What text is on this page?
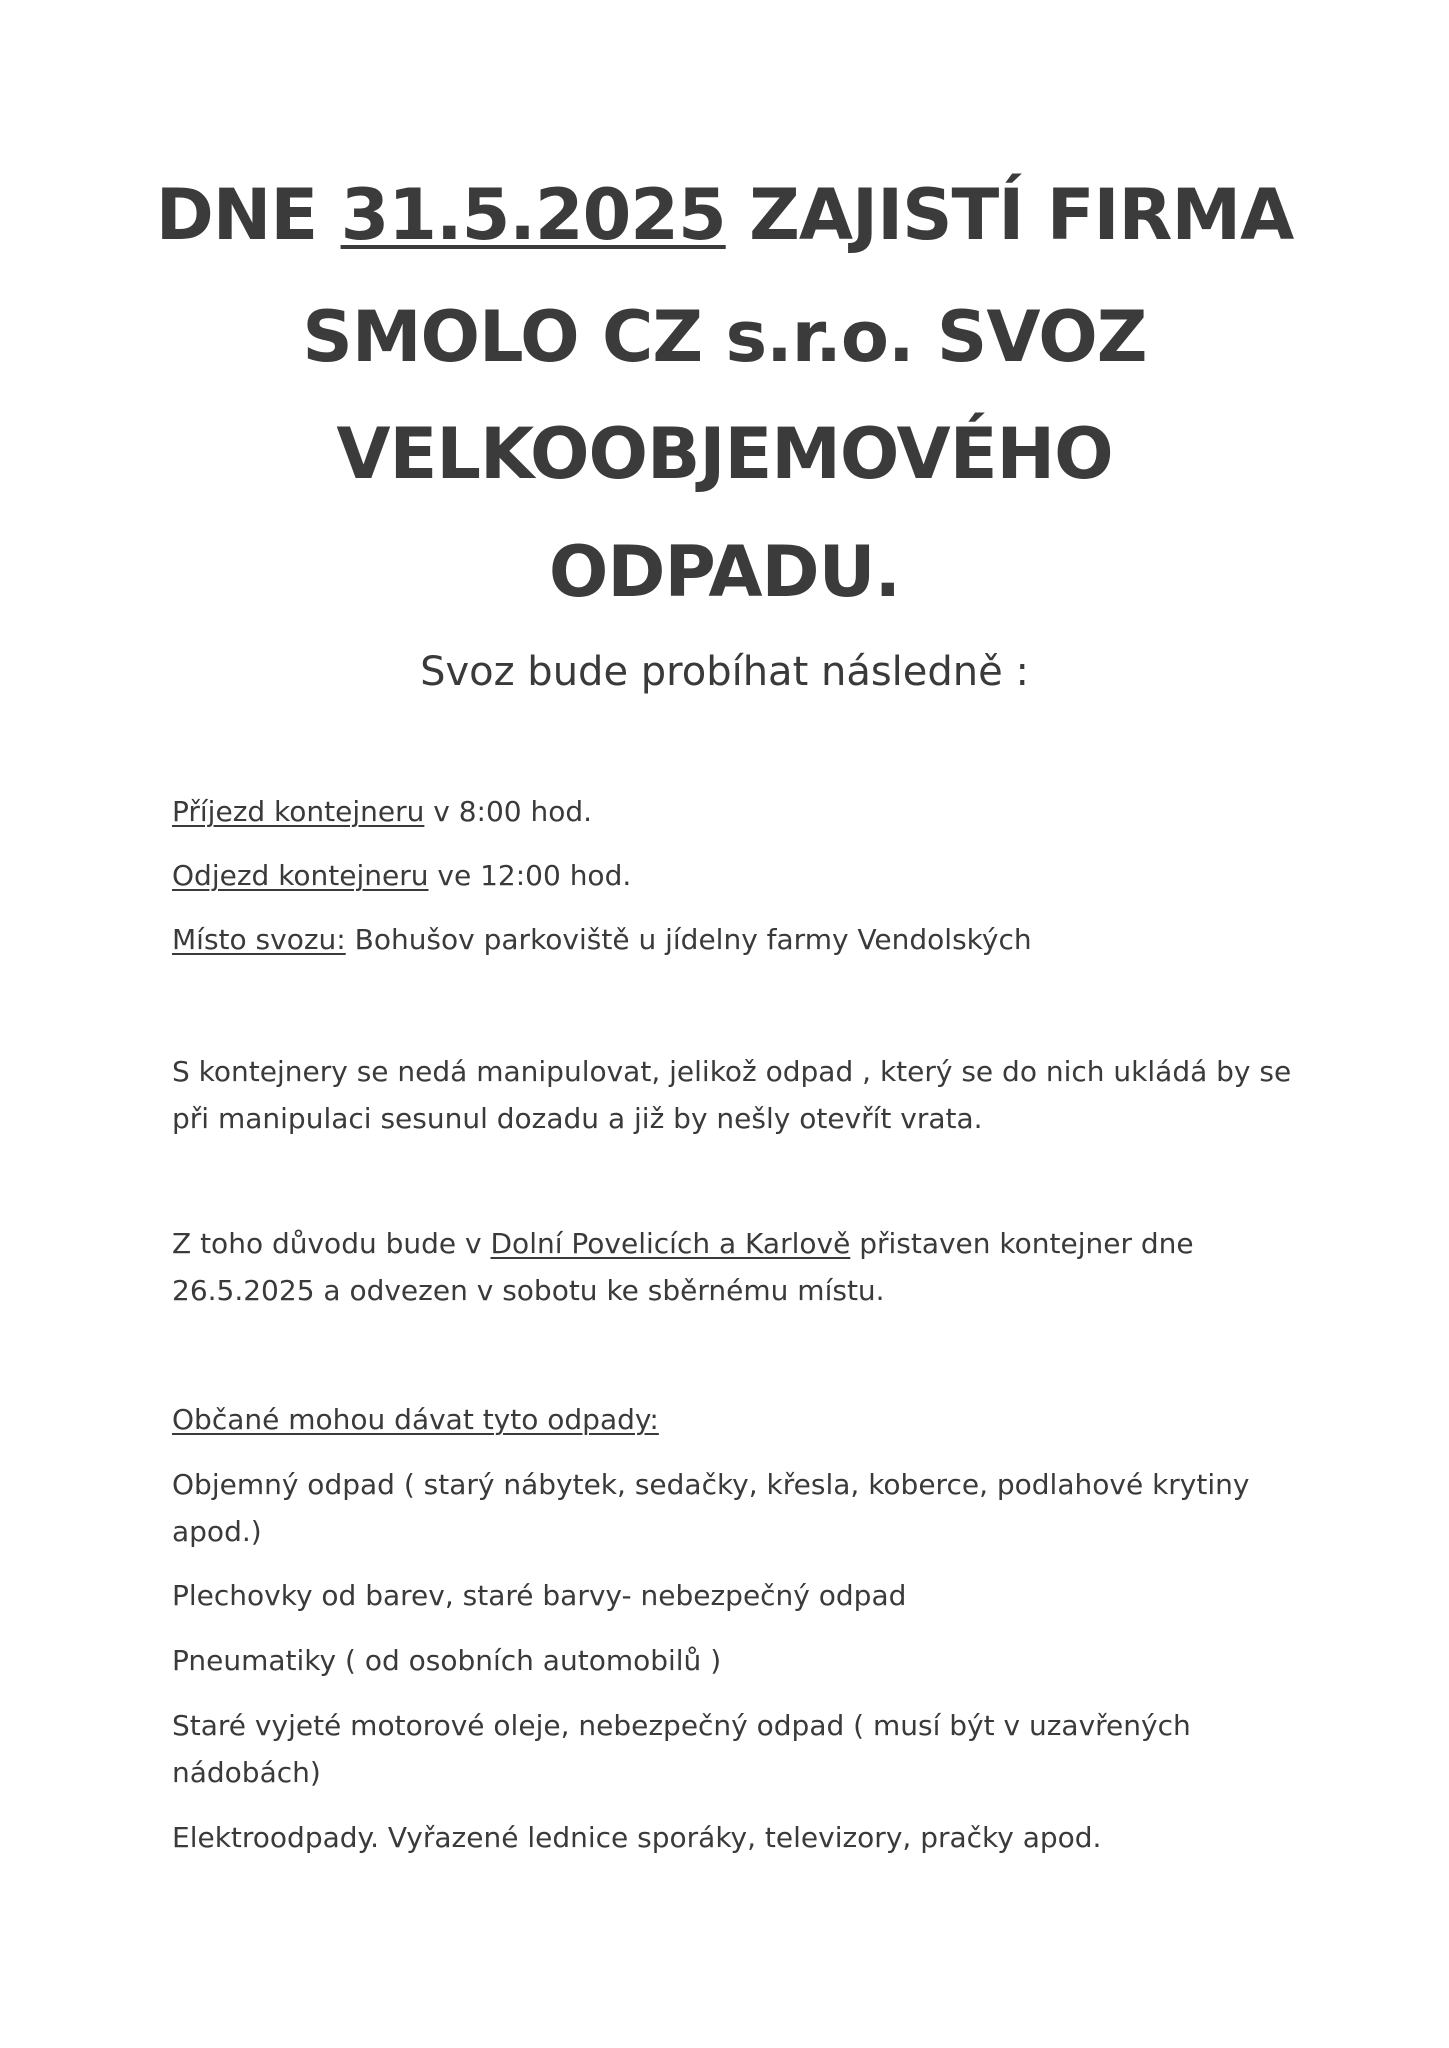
DNE 31.5.2025 ZAJISTÍ FIRMA
SMOLO CZ s.r.o. SVOZ
VELKOOBJEMOVÉHO
ODPADU.
Svoz bude probíhat následně :
Příjezd kontejneru v 8:00 hod.
Odjezd kontejneru ve 12:00 hod.
Místo svozu: Bohušov parkoviště u jídelny farmy Vendolských
S kontejnery se nedá manipulovat, jelikož odpad , který se do nich ukládá by se
při manipulaci sesunul dozadu a již by nešly otevřít vrata.
Z toho důvodu bude v Dolní Povelicích a Karlově přistaven kontejner dne
26.5.2025 a odvezen v sobotu ke sběrnému místu.
Občané mohou dávat tyto odpady:
Objemný odpad ( starý nábytek, sedačky, křesla, koberce, podlahové krytiny
apod.)
Plechovky od barev, staré barvy- nebezpečný odpad
Pneumatiky ( od osobních automobilů )
Staré vyjeté motorové oleje, nebezpečný odpad ( musí být v uzavřených
nádobách)
Elektroodpady. Vyřazené lednice sporáky, televizory, pračky apod.
